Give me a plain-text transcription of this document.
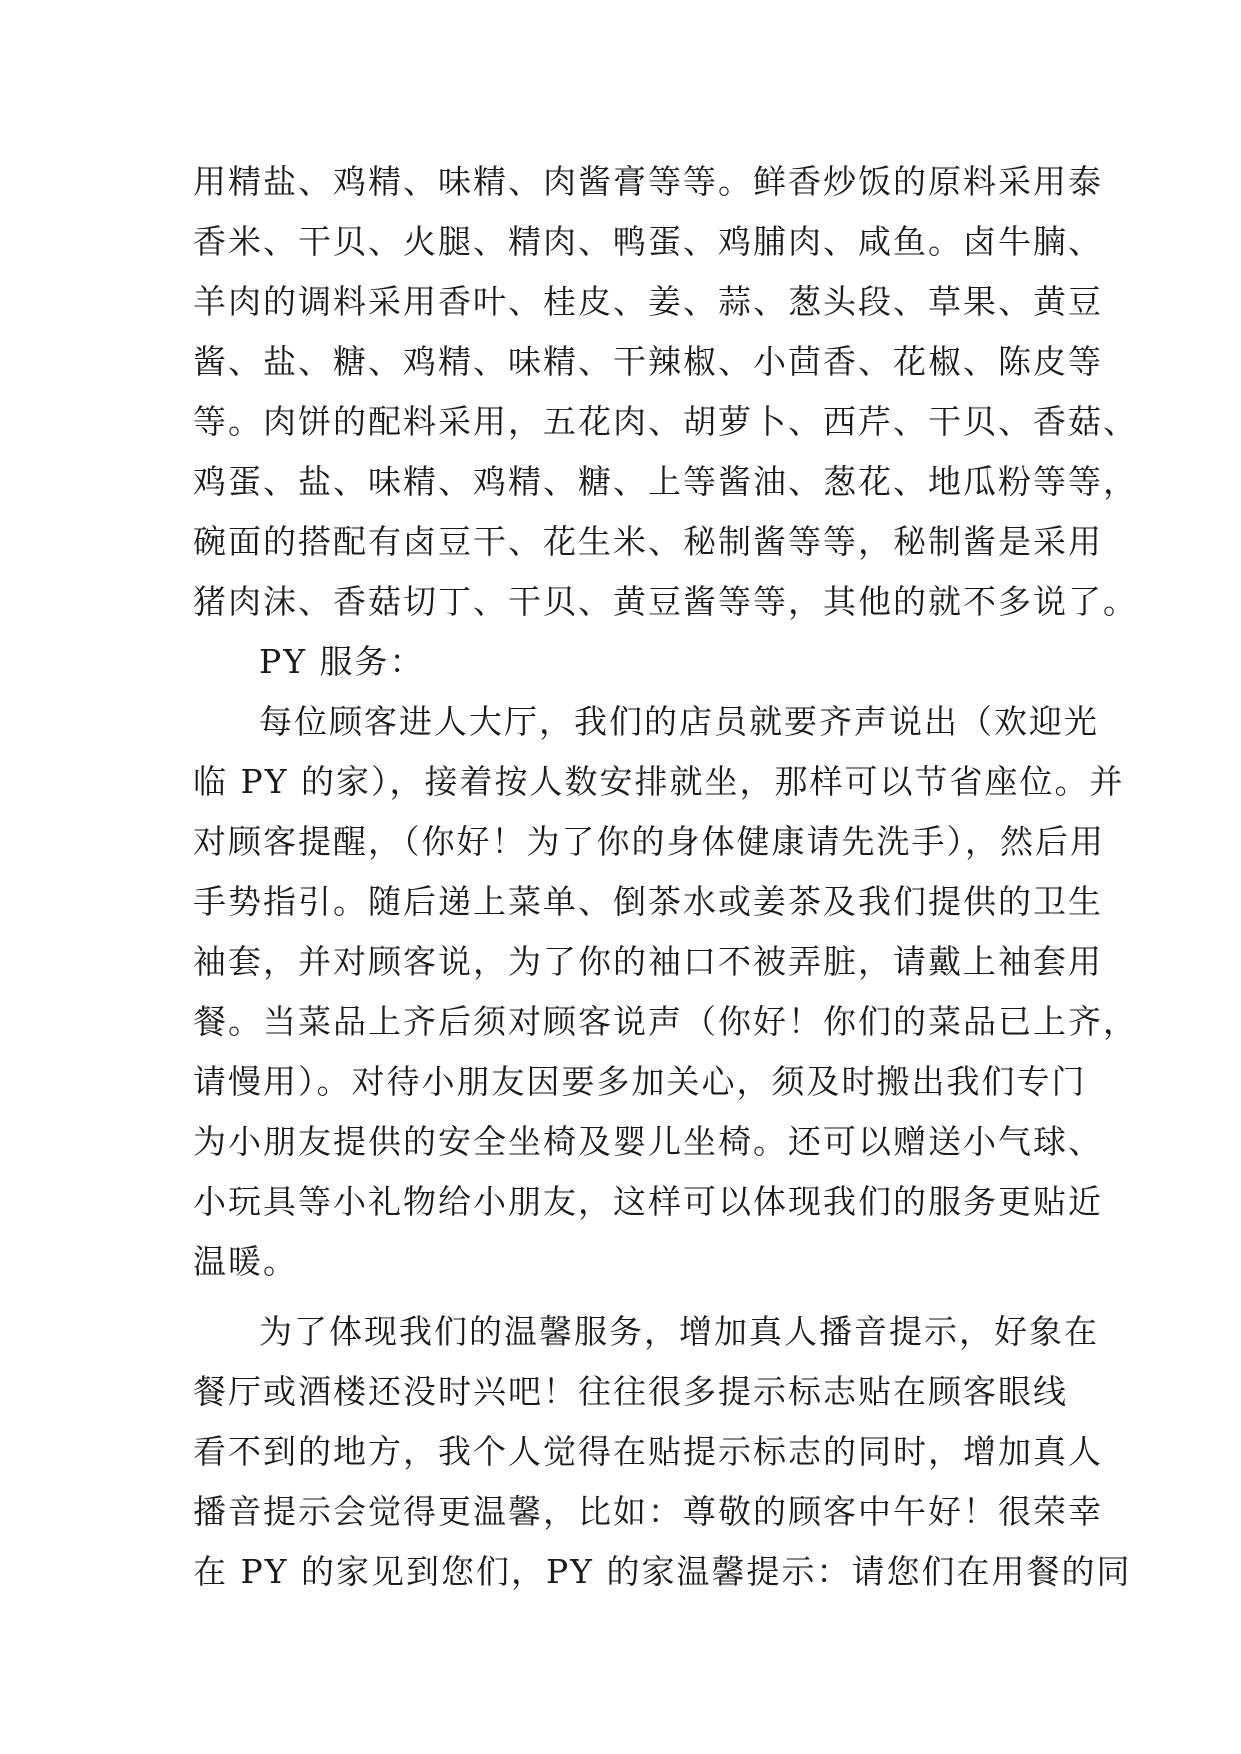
用精盐、鸡精、味精、肉酱膏等等。鲜香炒饭的原料采用泰
香米、干贝、火腿、精肉、鸭蛋、鸡脯肉、咸鱼。卤牛腩、
羊肉的调料采用香叶、桂皮、姜、蒜、葱头段、草果、黄豆
酱、盐、糖、鸡精、味精、干辣椒、小茴香、花椒、陈皮等
等。肉饼的配料采用，五花肉、胡萝卜、西芹、干贝、香菇、
鸡蛋、盐、味精、鸡精、糖、上等酱油、葱花、地瓜粉等等，
碗面的搭配有卤豆干、花生米、秘制酱等等，秘制酱是采用
猪肉沫、香菇切丁、干贝、黄豆酱等等，其他的就不多说了。
PY 服务：
每位顾客进人大厅，我们的店员就要齐声说出（欢迎光
临 PY 的家），接着按人数安排就坐，那样可以节省座位。并
对顾客提醒，（你好！为了你的身体健康请先洗手），然后用
手势指引。随后递上菜单、倒茶水或姜茶及我们提供的卫生
袖套，并对顾客说，为了你的袖口不被弄脏，请戴上袖套用
餐。当菜品上齐后须对顾客说声（你好！你们的菜品已上齐，
请慢用）。对待小朋友因要多加关心，须及时搬出我们专门
为小朋友提供的安全坐椅及婴儿坐椅。还可以赠送小气球、
小玩具等小礼物给小朋友，这样可以体现我们的服务更贴近
温暖。
为了体现我们的温馨服务，增加真人播音提示，好象在
餐厅或酒楼还没时兴吧！往往很多提示标志贴在顾客眼线
看不到的地方，我个人觉得在贴提示标志的同时，增加真人
播音提示会觉得更温馨，比如：尊敬的顾客中午好！很荣幸
在 PY 的家见到您们，PY 的家温馨提示：请您们在用餐的同
